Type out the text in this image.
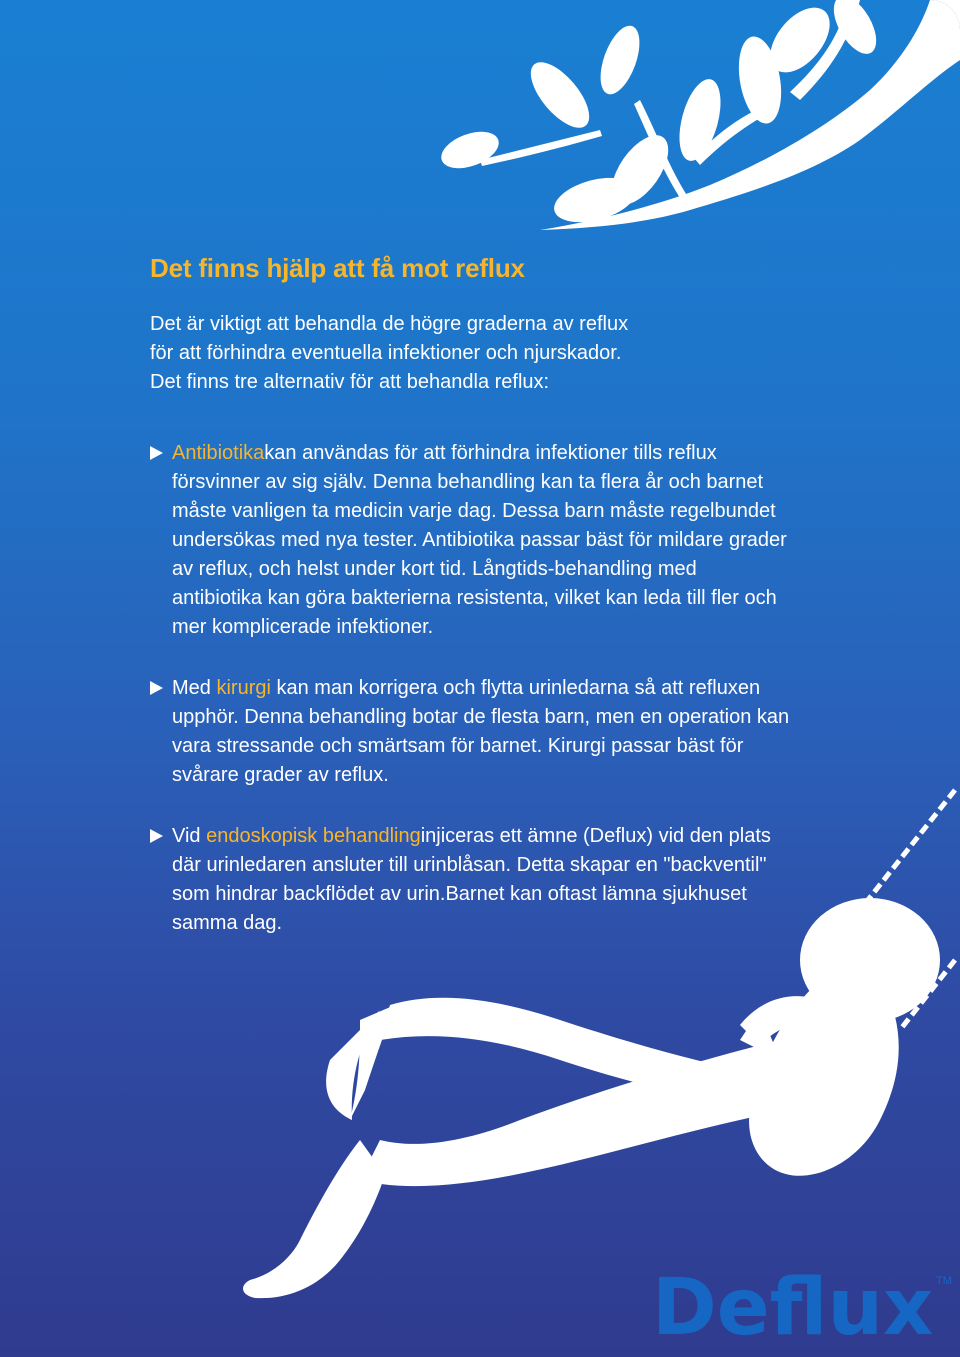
Det finns hjälp att få mot reflux

Det är viktigt att behandla de högre graderna av reflux
för att förhindra eventuella infektioner och njurskador.
Det finns tre alternativ för att behandla reflux:

Antibiotikakan användas för att förhindra infektioner tills reflux försvinner av sig själv. Denna behandling kan ta flera år och barnet måste vanligen ta medicin varje dag. Dessa barn måste regelbundet undersökas med nya tester. Antibiotika passar bäst för mildare grader av reflux, och helst under kort tid. Långtids-behandling med antibiotika kan göra bakterierna resistenta, vilket kan leda till fler och mer komplicerade infektioner.
Med kirurgi kan man korrigera och flytta urinledarna så att refluxen upphör. Denna behandling botar de flesta barn, men en operation kan vara stressande och smärtsam för barnet. Kirurgi passar bäst för svårare grader av reflux.
Vid endoskopisk behandlinginjiceras ett ämne (Deflux) vid den plats där urinledaren ansluter till urinblåsan. Detta skapar en "backventil" som hindrar backflödet av urin.Barnet kan oftast lämna sjukhuset samma dag.
Deflux TM
